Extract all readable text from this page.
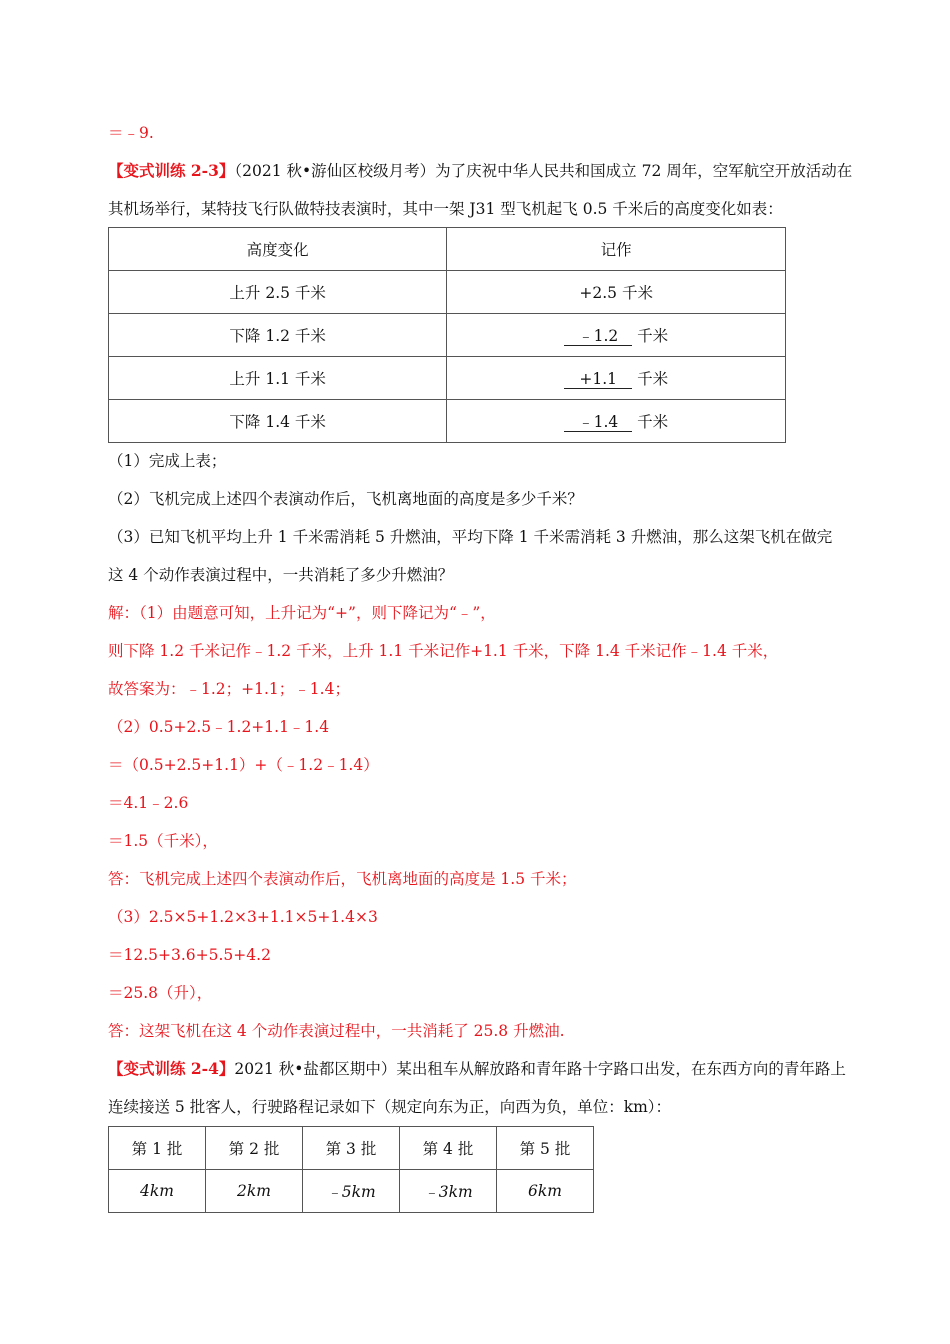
＝﹣9.
【变式训练 2-3】（2021 秋•游仙区校级月考）为了庆祝中华人民共和国成立 72 周年，空军航空开放活动在
其机场举行，某特技飞行队做特技表演时，其中一架 J31 型飞机起飞 0.5 千米后的高度变化如表：
高度变化	记作
上升 2.5 千米	+2.5 千米
下降 1.2 千米	﹣1.2 千米
上升 1.1 千米	+1.1 千米
下降 1.4 千米	﹣1.4 千米
（1）完成上表；
（2）飞机完成上述四个表演动作后，飞机离地面的高度是多少千米？
（3）已知飞机平均上升 1 千米需消耗 5 升燃油，平均下降 1 千米需消耗 3 升燃油，那么这架飞机在做完
这 4 个动作表演过程中，一共消耗了多少升燃油？
解：（1）由题意可知，上升记为“+”，则下降记为“﹣”，
则下降 1.2 千米记作﹣1.2 千米，上升 1.1 千米记作+1.1 千米，下降 1.4 千米记作﹣1.4 千米，
故答案为：﹣1.2；+1.1；﹣1.4；
（2）0.5+2.5﹣1.2+1.1﹣1.4
＝（0.5+2.5+1.1）+（﹣1.2﹣1.4）
＝4.1﹣2.6
＝1.5（千米），
答：飞机完成上述四个表演动作后，飞机离地面的高度是 1.5 千米；
（3）2.5×5+1.2×3+1.1×5+1.4×3
＝12.5+3.6+5.5+4.2
＝25.8（升），
答：这架飞机在这 4 个动作表演过程中，一共消耗了 25.8 升燃油.
【变式训练 2-4】2021 秋•盐都区期中）某出租车从解放路和青年路十字路口出发，在东西方向的青年路上
连续接送 5 批客人，行驶路程记录如下（规定向东为正，向西为负，单位：km）：
第 1 批	第 2 批	第 3 批	第 4 批	第 5 批
4km	2km	﹣5km	﹣3km	6km
